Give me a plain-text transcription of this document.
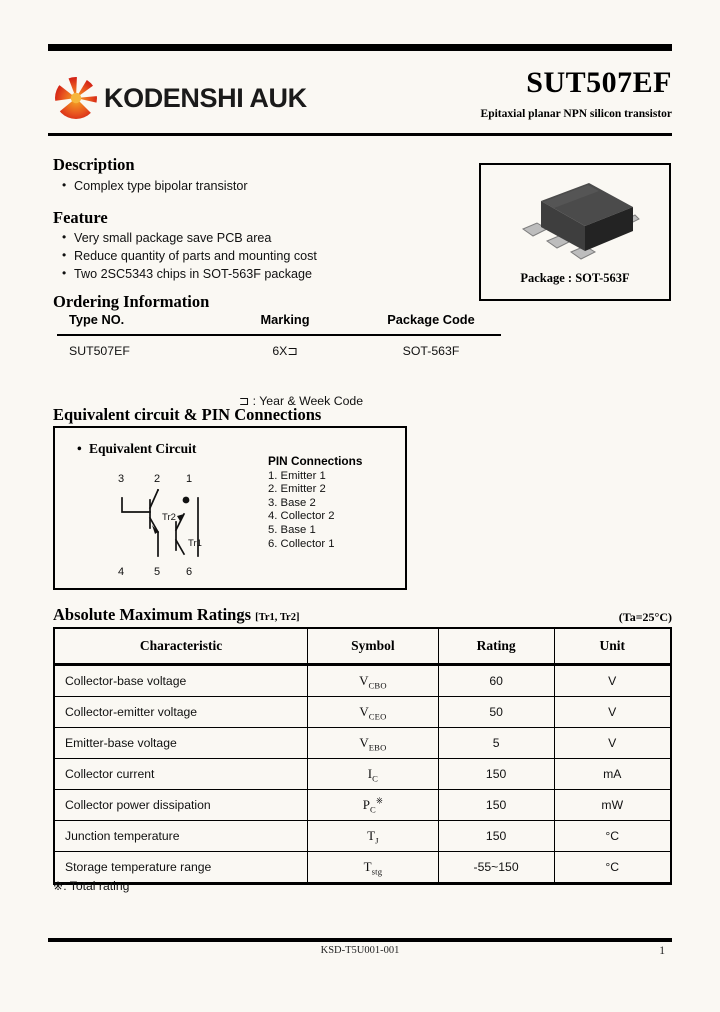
KODENSHI AUK	SUT507EF
Epitaxial planar NPN silicon transistor
Description
• Complex type bipolar transistor
Feature
• Very small package save PCB area
• Reduce quantity of parts and mounting cost
• Two 2SC5343 chips in SOT-563F package	Package : SOT-563F
Ordering Information
Type NO.	Marking	Package Code
SUT507EF	6X⊐	SOT-563F
⊐ : Year & Week Code
Equivalent circuit & PIN Connections
• Equivalent Circuit
3	2 1
4	5 6
Tr2
Tr1
PIN Connections
1. Emitter 1
2. Emitter 2
3. Base 2
4. Collector 2
5. Base 1
6. Collector 1
Absolute Maximum Ratings [Tr1, Tr2]	(Ta=25°C)
Characteristic	Symbol	Rating	Unit
Collector-base voltage	$V_{CBO}$	60	V
Collector-emitter voltage	$V_{CEO}$	50	V
Emitter-base voltage	$V_{EBO}$	5	V
Collector current	$I_C$	150	mA
Collector power dissipation	$P_C^※$	150	mW
Junction temperature	$T_J$	150	°C
Storage temperature range	$T_{stg}$	-55~150	°C
※: Total rating
KSD-T5U001-001	1
